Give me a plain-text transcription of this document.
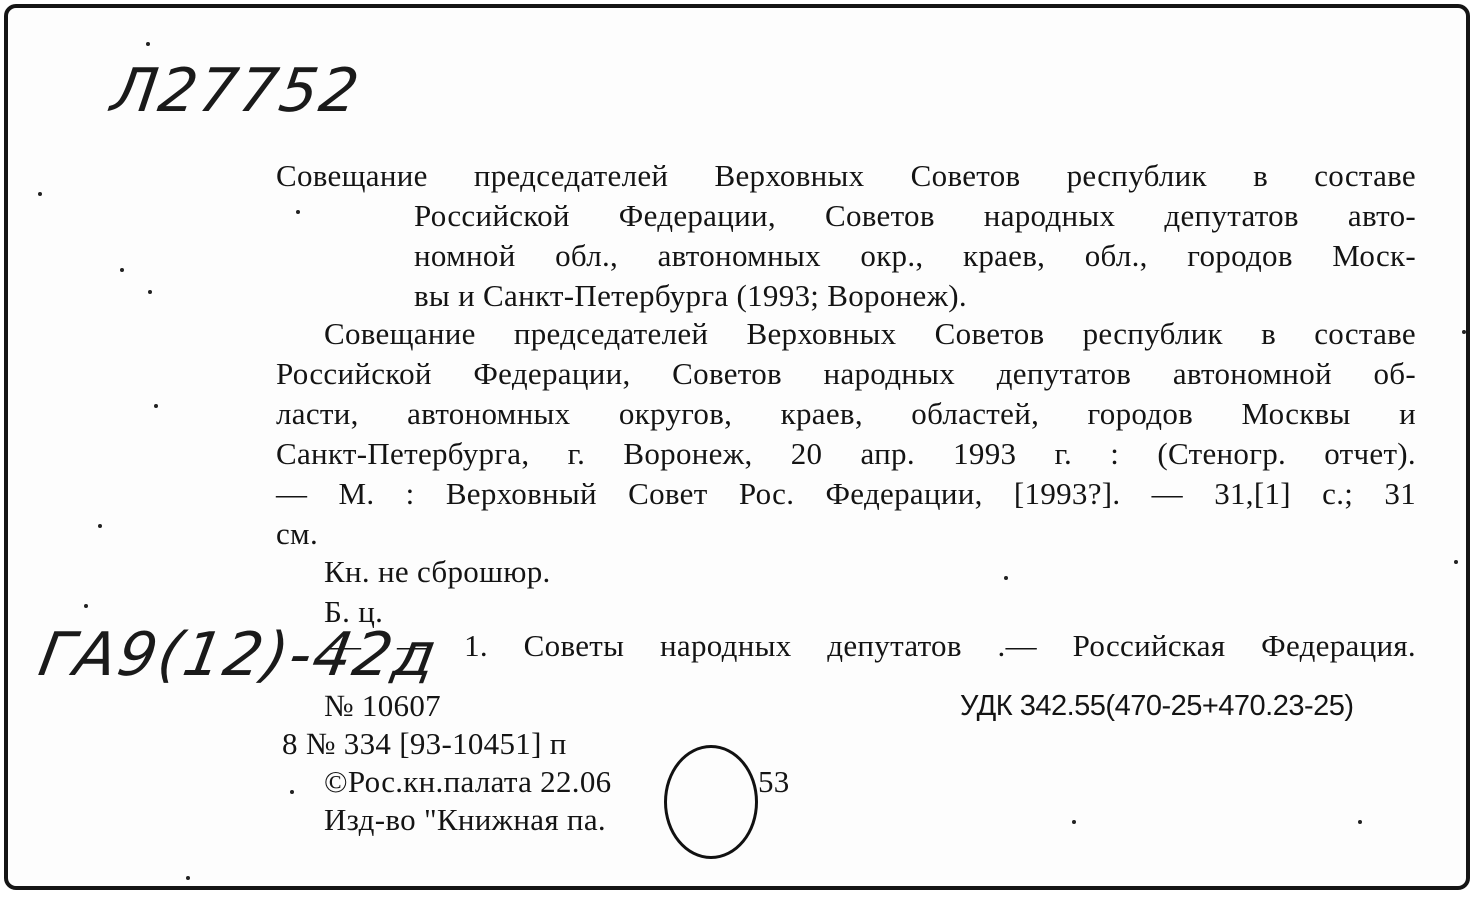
Л27752
Совещание председателей Верховных Советов республик в составе
Российской Федерации, Советов народных депутатов авто-
номной обл., автономных окр., краев, обл., городов Моск-
вы и Санкт-Петербурга (1993; Воронеж).
Совещание председателей Верховных Советов республик в составе
Российской Федерации, Советов народных депутатов автономной об-
ласти, автономных округов, краев, областей, городов Москвы и
Санкт-Петербурга, г. Воронеж, 20 апр. 1993 г. : (Стеногр. отчет).
— М. : Верховный Совет Рос. Федерации, [1993?]. — 31,[1] с.; 31
см.
Кн. не сброшюр.
Б. ц.
— — 1. Советы народных депутатов .— Российская Федерация.
ГА9(12)-42д
№ 10607	УДК 342.55(470-25+470.23-25)
8 № 334 [93-10451] п
©Рос.кн.палата 22.06	53
Изд-во "Книжная па.
